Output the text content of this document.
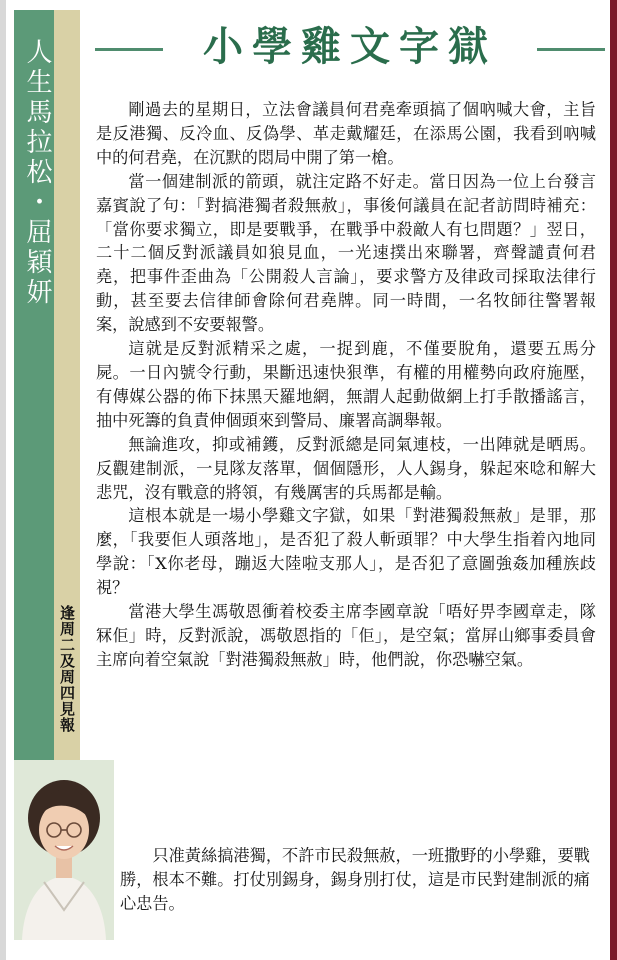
人生馬拉松・屈穎妍
逢周二及周四見報
小學雞文字獄

剛過去的星期日，立法會議員何君堯牽頭搞了個吶喊大會，主旨是反港獨、反冷血、反偽學、革走戴耀廷，在添馬公園，我看到吶喊中的何君堯，在沉默的悶局中開了第一槍。

當一個建制派的箭頭，就注定路不好走。當日因為一位上台發言嘉賓說了句：「對搞港獨者殺無赦」，事後何議員在記者訪問時補充：「當你要求獨立，即是要戰爭，在戰爭中殺敵人有乜問題？」翌日，二十二個反對派議員如狼見血，一光速撲出來聯署，齊聲譴責何君堯，把事件歪曲為「公開殺人言論」，要求警方及律政司採取法律行動，甚至要去信律師會除何君堯牌。同一時間，一名牧師往警署報案，說感到不安要報警。

這就是反對派精采之處，一捉到鹿，不僅要脫角，還要五馬分屍。一日內號令行動，果斷迅速快狠準，有權的用權勢向政府施壓，有傳媒公器的佈下抹黑天羅地網，無謂人起動做網上打手散播謠言，抽中死籌的負責伸個頭來到警局、廉署高調舉報。

無論進攻，抑或補鑊，反對派總是同氣連枝，一出陣就是晒馬。反觀建制派，一見隊友落單，個個隱形，人人錫身，躲起來唸和解大悲咒，沒有戰意的將領，有幾厲害的兵馬都是輸。

這根本就是一場小學雞文字獄，如果「對港獨殺無赦」是罪，那麼，「我要佢人頭落地」，是否犯了殺人斬頭罪？中大學生指着內地同學說：「X你老母，蹦返大陸啦支那人」，是否犯了意圖強姦加種族歧視？

當港大學生馮敬恩衝着校委主席李國章說「唔好畀李國章走，隊冧佢」時，反對派說，馮敬恩指的「佢」，是空氣；當屏山鄉事委員會主席向着空氣說「對港獨殺無赦」時，他們說，你恐嚇空氣。

只准黃絲搞港獨，不許市民殺無赦，一班撒野的小學雞，要戰勝，根本不難。打仗別錫身，錫身別打仗，這是市民對建制派的痛心忠告。
